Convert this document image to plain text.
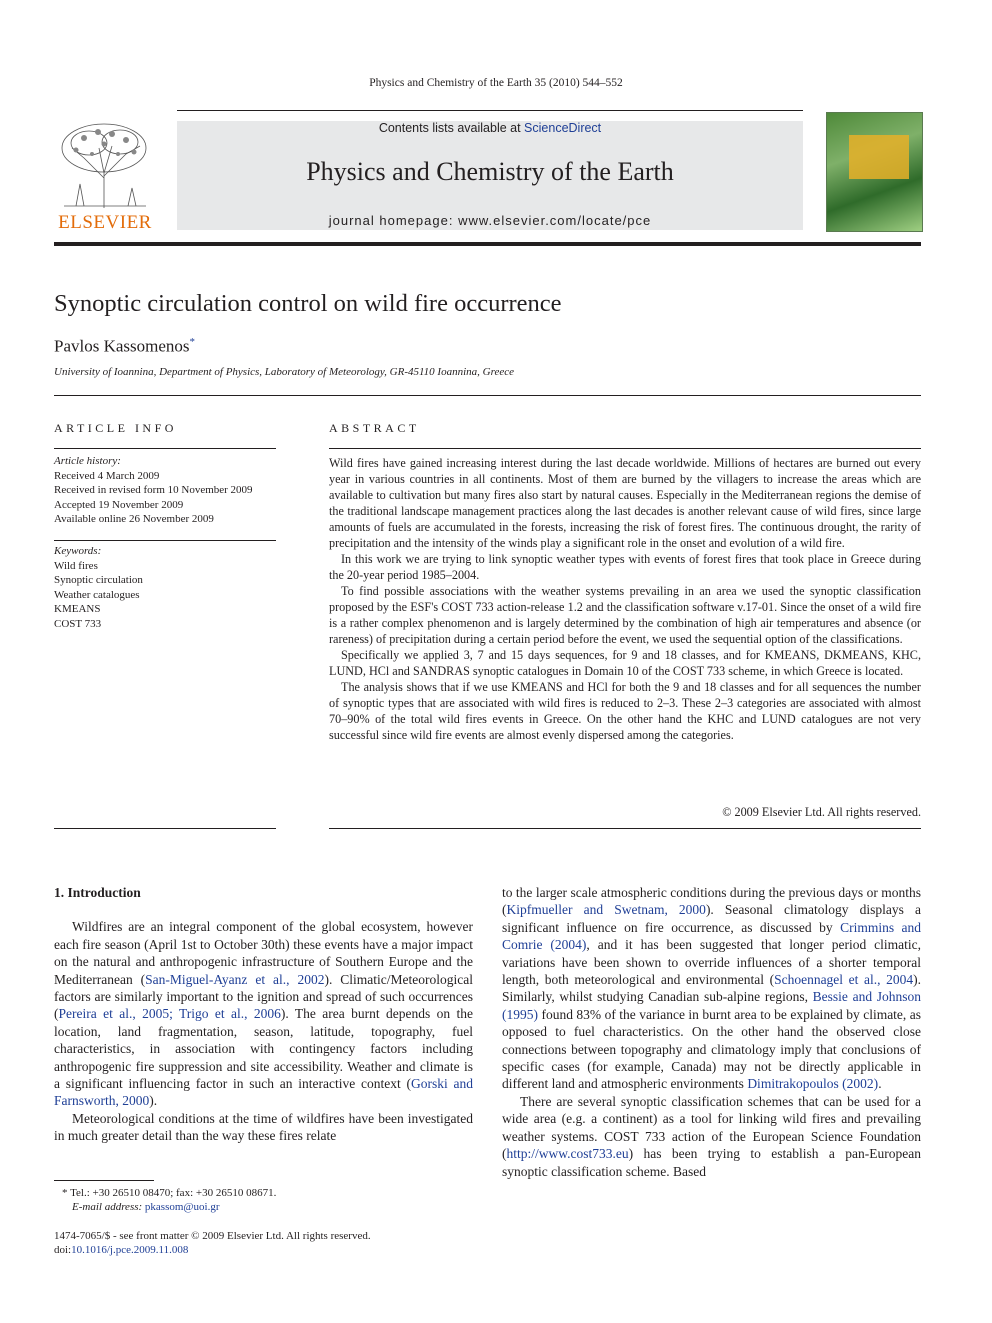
Physics and Chemistry of the Earth 35 (2010) 544–552
ELSEVIER
Contents lists available at ScienceDirect
Physics and Chemistry of the Earth
journal homepage: www.elsevier.com/locate/pce
Synoptic circulation control on wild fire occurrence
Pavlos Kassomenos*
University of Ioannina, Department of Physics, Laboratory of Meteorology, GR-45110 Ioannina, Greece
ARTICLE INFO
Article history:
Received 4 March 2009
Received in revised form 10 November 2009
Accepted 19 November 2009
Available online 26 November 2009
Keywords:
Wild fires
Synoptic circulation
Weather catalogues
KMEANS
COST 733
ABSTRACT

Wild fires have gained increasing interest during the last decade worldwide. Millions of hectares are burned out every year in various countries in all continents. Most of them are burned by the villagers to increase the areas which are available to cultivation but many fires also start by natural causes. Especially in the Mediterranean regions the demise of the traditional landscape management practices along the last decades is another relevant cause of wild fires, since large amounts of fuels are accumulated in the forests, increasing the risk of forest fires. The continuous drought, the rarity of precipitation and the intensity of the winds play a significant role in the onset and evolution of a wild fire.

In this work we are trying to link synoptic weather types with events of forest fires that took place in Greece during the 20-year period 1985–2004.

To find possible associations with the weather systems prevailing in an area we used the synoptic classification proposed by the ESF's COST 733 action-release 1.2 and the classification software v.17-01. Since the onset of a wild fire is a rather complex phenomenon and is largely determined by the combination of high air temperatures and absence (or rareness) of precipitation during a certain period before the event, we used the sequential option of the classifications.

Specifically we applied 3, 7 and 15 days sequences, for 9 and 18 classes, and for KMEANS, DKMEANS, KHC, LUND, HCl and SANDRAS synoptic catalogues in Domain 10 of the COST 733 scheme, in which Greece is located.

The analysis shows that if we use KMEANS and HCl for both the 9 and 18 classes and for all sequences the number of synoptic types that are associated with wild fires is reduced to 2–3. These 2–3 categories are associated with almost 70–90% of the total wild fires events in Greece. On the other hand the KHC and LUND catalogues are not very successful since wild fire events are almost evenly dispersed among the categories.

© 2009 Elsevier Ltd. All rights reserved.
1. Introduction

Wildfires are an integral component of the global ecosystem, however each fire season (April 1st to October 30th) these events have a major impact on the natural and anthropogenic infrastructure of Southern Europe and the Mediterranean (San-Miguel-Ayanz et al., 2002). Climatic/Meteorological factors are similarly important to the ignition and spread of such occurrences (Pereira et al., 2005; Trigo et al., 2006). The area burnt depends on the location, land fragmentation, season, latitude, topography, fuel characteristics, in association with contingency factors including anthropogenic fire suppression and site accessibility. Weather and climate is a significant influencing factor in such an interactive context (Gorski and Farnsworth, 2000).

Meteorological conditions at the time of wildfires have been investigated in much greater detail than the way these fires relate

to the larger scale atmospheric conditions during the previous days or months (Kipfmueller and Swetnam, 2000). Seasonal climatology displays a significant influence on fire occurrence, as discussed by Crimmins and Comrie (2004), and it has been suggested that longer period climatic, variations have been shown to override influences of a shorter temporal length, both meteorological and environmental (Schoennagel et al., 2004). Similarly, whilst studying Canadian sub-alpine regions, Bessie and Johnson (1995) found 83% of the variance in burnt area to be explained by climate, as opposed to fuel characteristics. On the other hand the observed close connections between topography and climatology imply that conclusions of specific cases (for example, Canada) may not be directly applicable in different land and atmospheric environments Dimitrakopoulos (2002).

There are several synoptic classification schemes that can be used for a wide area (e.g. a continent) as a tool for linking wild fires and prevailing weather systems. COST 733 action of the European Science Foundation (http://www.cost733.eu) has been trying to establish a pan-European synoptic classification scheme. Based

* Tel.: +30 26510 08470; fax: +30 26510 08671.
E-mail address: pkassom@uoi.gr
1474-7065/$ - see front matter © 2009 Elsevier Ltd. All rights reserved.
doi:10.1016/j.pce.2009.11.008
